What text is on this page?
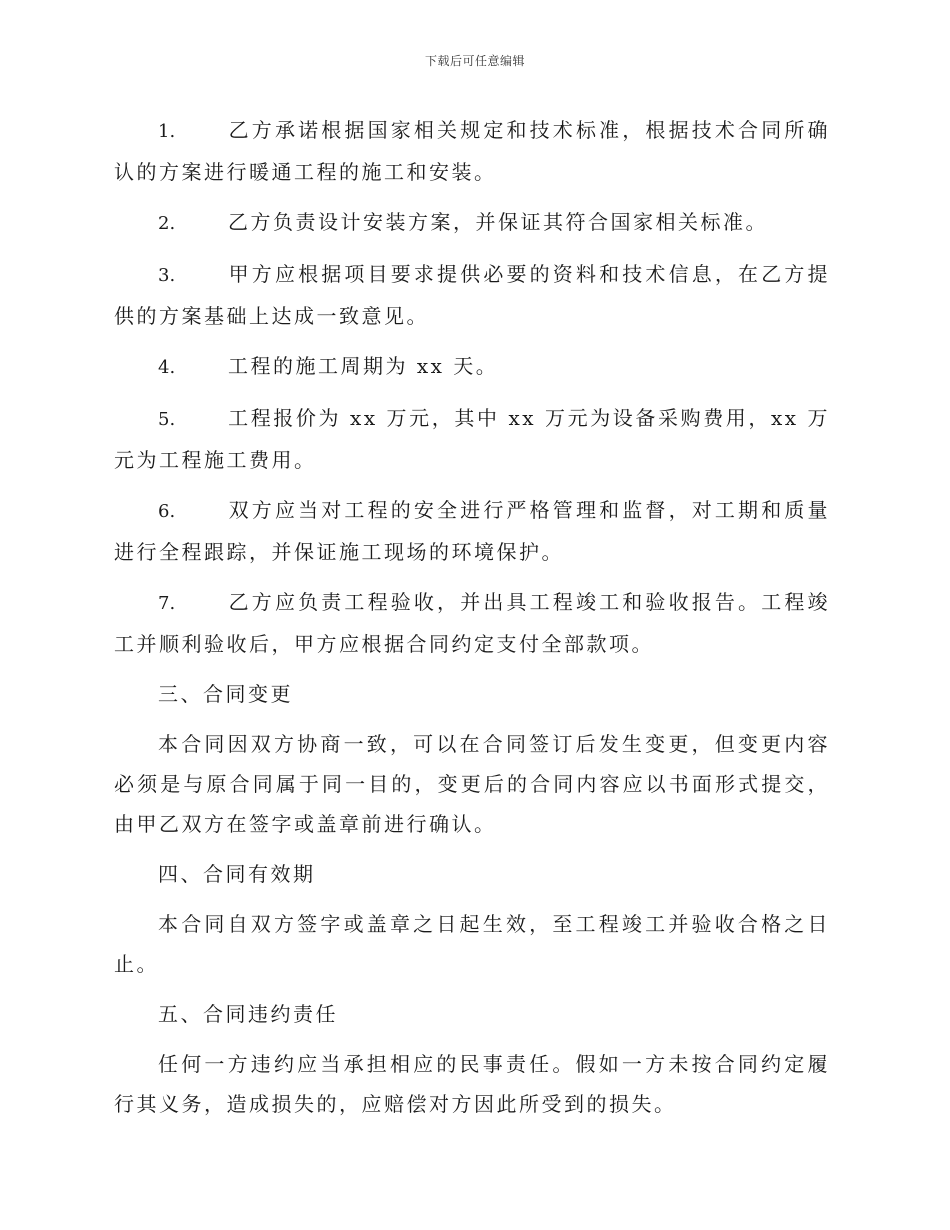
下载后可任意编辑

1.	乙方承诺根据国家相关规定和技术标准，根据技术合同所确认的方案进行暖通工程的施工和安装。

2.	乙方负责设计安装方案，并保证其符合国家相关标准。

3.	甲方应根据项目要求提供必要的资料和技术信息，在乙方提供的方案基础上达成一致意见。

4.	工程的施工周期为 xx 天。

5.	工程报价为 xx 万元，其中 xx 万元为设备采购费用，xx 万元为工程施工费用。

6.	双方应当对工程的安全进行严格管理和监督，对工期和质量进行全程跟踪，并保证施工现场的环境保护。

7.	乙方应负责工程验收，并出具工程竣工和验收报告。工程竣工并顺利验收后，甲方应根据合同约定支付全部款项。

三、合同变更

本合同因双方协商一致，可以在合同签订后发生变更，但变更内容必须是与原合同属于同一目的，变更后的合同内容应以书面形式提交，由甲乙双方在签字或盖章前进行确认。

四、合同有效期

本合同自双方签字或盖章之日起生效，至工程竣工并验收合格之日止。

五、合同违约责任

任何一方违约应当承担相应的民事责任。假如一方未按合同约定履行其义务，造成损失的，应赔偿对方因此所受到的损失。
